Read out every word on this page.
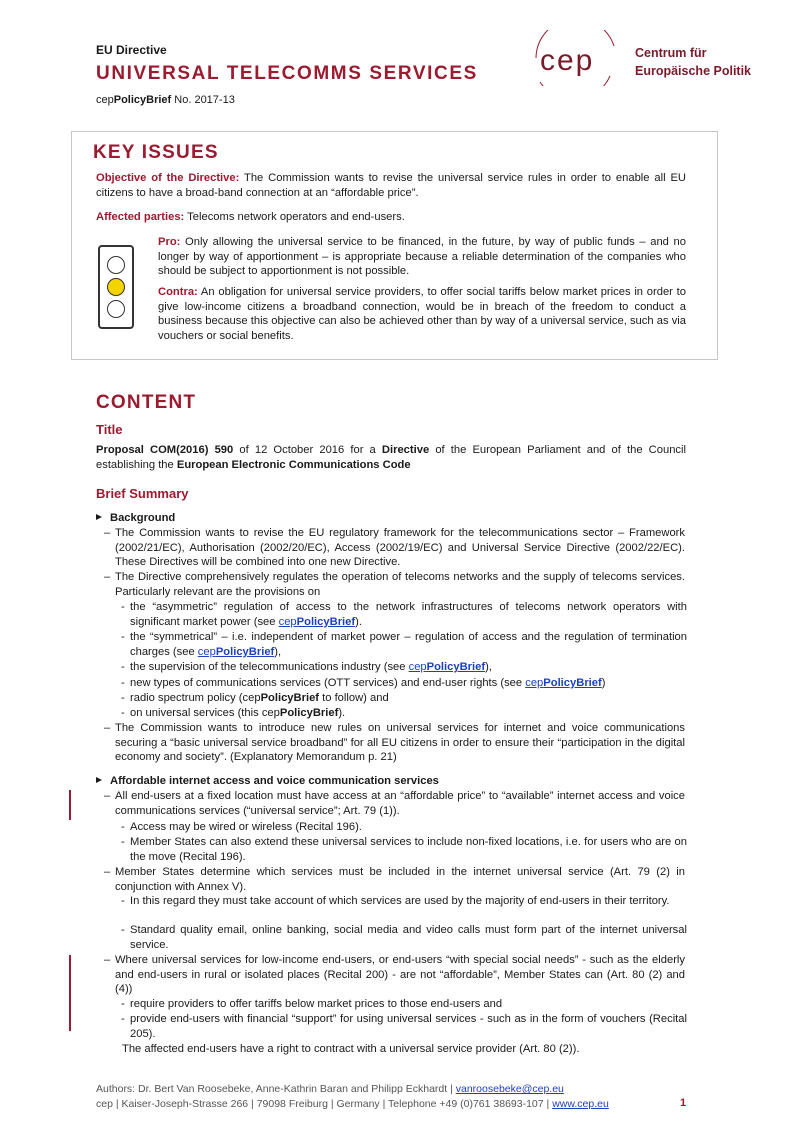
EU Directive
UNIVERSAL TELECOMMS SERVICES
cepPolicyBrief No. 2017-13
cep	Centrum für
Europäische Politik
KEY ISSUES
Objective of the Directive: The Commission wants to revise the universal service rules in order to enable all EU citizens to have a broad-band connection at an “affordable price”.
Affected parties: Telecoms network operators and end-users.
Pro: Only allowing the universal service to be financed, in the future, by way of public funds – and no longer by way of apportionment – is appropriate because a reliable determination of the companies who should be subject to apportionment is not possible.
Contra: An obligation for universal service providers, to offer social tariffs below market prices in order to give low-income citizens a broadband connection, would be in breach of the freedom to conduct a business because this objective can also be achieved other than by way of a universal service, such as via vouchers or social benefits.
CONTENT
Title
Proposal COM(2016) 590 of 12 October 2016 for a Directive of the European Parliament and of the Council establishing the European Electronic Communications Code
Brief Summary
Background
– The Commission wants to revise the EU regulatory framework for the telecommunications sector – Framework (2002/21/EC), Authorisation (2002/20/EC), Access (2002/19/EC) and Universal Service Directive (2002/22/EC). These Directives will be combined into one new Directive.
– The Directive comprehensively regulates the operation of telecoms networks and the supply of telecoms services. Particularly relevant are the provisions on
- the “asymmetric” regulation of access to the network infrastructures of telecoms network operators with significant market power (see cepPolicyBrief).
- the “symmetrical” – i.e. independent of market power – regulation of access and the regulation of termination charges (see cepPolicyBrief),
- the supervision of the telecommunications industry (see cepPolicyBrief),
- new types of communications services (OTT services) and end-user rights (see cepPolicyBrief)
- radio spectrum policy (cepPolicyBrief to follow) and
- on universal services (this cepPolicyBrief).
– The Commission wants to introduce new rules on universal services for internet and voice communications securing a “basic universal service broadband” for all EU citizens in order to ensure their “participation in the digital economy and society”. (Explanatory Memorandum p. 21)
Affordable internet access and voice communication services
– All end-users at a fixed location must have access at an “affordable price” to “available” internet access and voice communications services (“universal service”; Art. 79 (1)).
- Access may be wired or wireless (Recital 196).
- Member States can also extend these universal services to include non-fixed locations, i.e. for users who are on the move (Recital 196).
– Member States determine which services must be included in the internet universal service (Art. 79 (2) in conjunction with Annex V).
- In this regard they must take account of which services are used by the majority of end-users in their territory.
- Standard quality email, online banking, social media and video calls must form part of the internet universal service.
– Where universal services for low-income end-users, or end-users “with special social needs” - such as the elderly and end-users in rural or isolated places (Recital 200) - are not “affordable”, Member States can (Art. 80 (2) and (4))
- require providers to offer tariffs below market prices to those end-users and
- provide end-users with financial “support” for using universal services - such as in the form of vouchers (Recital 205).
The affected end-users have a right to contract with a universal service provider (Art. 80 (2)).
Authors: Dr. Bert Van Roosebeke, Anne-Kathrin Baran and Philipp Eckhardt | vanroosebeke@cep.eu
cep | Kaiser-Joseph-Strasse 266 | 79098 Freiburg | Germany | Telephone +49 (0)761 38693-107 | www.cep.eu	1
